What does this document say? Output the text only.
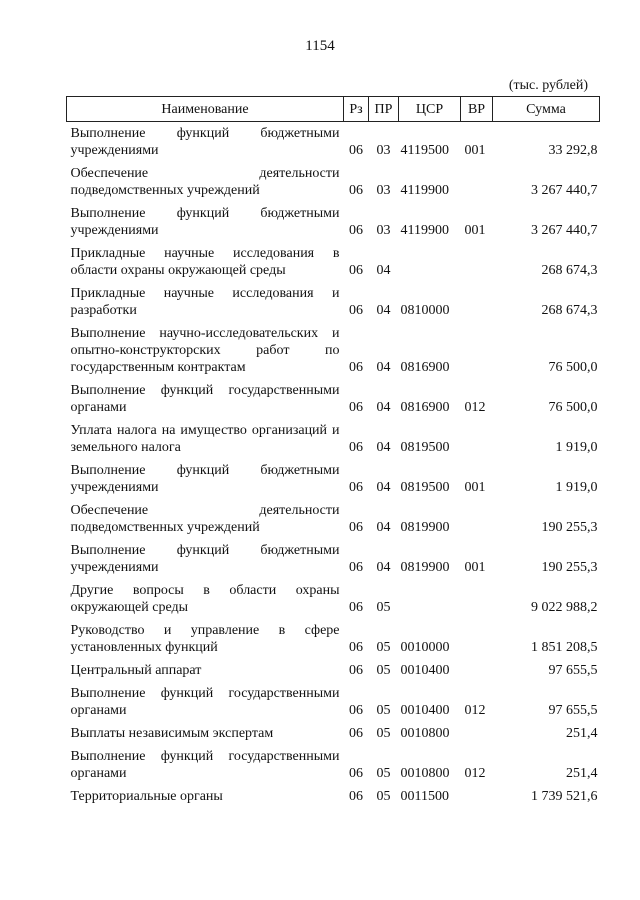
1154
(тыс. рублей)
Наименование	Рз	ПР	ЦСР	ВР	Сумма
Выполнение функций бюджетными учреждениями	06	03	4119500	001	33 292,8
Обеспечение деятельности подведомственных учреждений	06	03	4119900		3 267 440,7
Выполнение функций бюджетными учреждениями	06	03	4119900	001	3 267 440,7
Прикладные научные исследования в области охраны окружающей среды	06	04			268 674,3
Прикладные научные исследования и разработки	06	04	0810000		268 674,3
Выполнение научно-исследовательских и опытно-конструкторских работ по государственным контрактам	06	04	0816900		76 500,0
Выполнение функций государственными органами	06	04	0816900	012	76 500,0
Уплата налога на имущество организаций и земельного налога	06	04	0819500		1 919,0
Выполнение функций бюджетными учреждениями	06	04	0819500	001	1 919,0
Обеспечение деятельности подведомственных учреждений	06	04	0819900		190 255,3
Выполнение функций бюджетными учреждениями	06	04	0819900	001	190 255,3
Другие вопросы в области охраны окружающей среды	06	05			9 022 988,2
Руководство и управление в сфере установленных функций	06	05	0010000		1 851 208,5
Центральный аппарат	06	05	0010400		97 655,5
Выполнение функций государственными органами	06	05	0010400	012	97 655,5
Выплаты независимым экспертам	06	05	0010800		251,4
Выполнение функций государственными органами	06	05	0010800	012	251,4
Территориальные органы	06	05	0011500		1 739 521,6
